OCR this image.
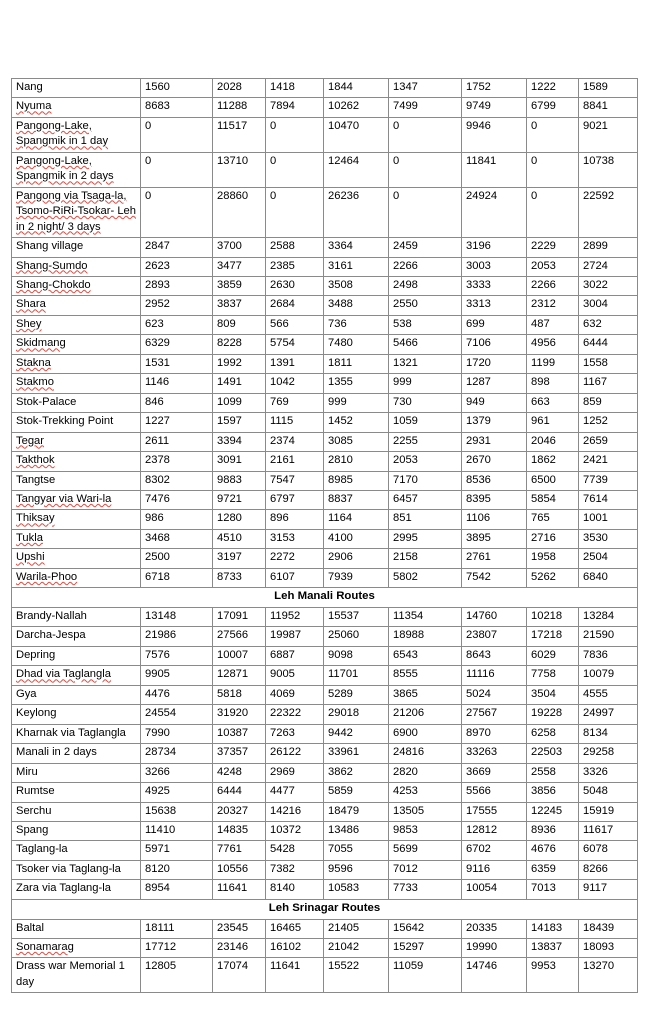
Nang	1560	2028	1418	1844	1347	1752	1222	1589
Nyuma	8683	11288	7894	10262	7499	9749	6799	8841
Pangong-Lake, Spangmik in 1 day	0	11517	0	10470	0	9946	0	9021
Pangong-Lake, Spangmik in 2 days	0	13710	0	12464	0	11841	0	10738
Pangong via Tsaga-la, Tsomo-RiRi-Tsokar- Leh in 2 night/ 3 days	0	28860	0	26236	0	24924	0	22592
Shang village	2847	3700	2588	3364	2459	3196	2229	2899
Shang-Sumdo	2623	3477	2385	3161	2266	3003	2053	2724
Shang-Chokdo	2893	3859	2630	3508	2498	3333	2266	3022
Shara	2952	3837	2684	3488	2550	3313	2312	3004
Shey	623	809	566	736	538	699	487	632
Skidmang	6329	8228	5754	7480	5466	7106	4956	6444
Stakna	1531	1992	1391	1811	1321	1720	1199	1558
Stakmo	1146	1491	1042	1355	999	1287	898	1167
Stok-Palace	846	1099	769	999	730	949	663	859
Stok-Trekking Point	1227	1597	1115	1452	1059	1379	961	1252
Tegar	2611	3394	2374	3085	2255	2931	2046	2659
Takthok	2378	3091	2161	2810	2053	2670	1862	2421
Tangtse	8302	9883	7547	8985	7170	8536	6500	7739
Tangyar via Wari-la	7476	9721	6797	8837	6457	8395	5854	7614
Thiksay	986	1280	896	1164	851	1106	765	1001
Tukla	3468	4510	3153	4100	2995	3895	2716	3530
Upshi	2500	3197	2272	2906	2158	2761	1958	2504
Warila-Phoo	6718	8733	6107	7939	5802	7542	5262	6840
Leh Manali Routes								
Brandy-Nallah	13148	17091	11952	15537	11354	14760	10218	13284
Darcha-Jespa	21986	27566	19987	25060	18988	23807	17218	21590
Depring	7576	10007	6887	9098	6543	8643	6029	7836
Dhad via Taglangla	9905	12871	9005	11701	8555	11116	7758	10079
Gya	4476	5818	4069	5289	3865	5024	3504	4555
Keylong	24554	31920	22322	29018	21206	27567	19228	24997
Kharnak via Taglangla	7990	10387	7263	9442	6900	8970	6258	8134
Manali in 2 days	28734	37357	26122	33961	24816	33263	22503	29258
Miru	3266	4248	2969	3862	2820	3669	2558	3326
Rumtse	4925	6444	4477	5859	4253	5566	3856	5048
Serchu	15638	20327	14216	18479	13505	17555	12245	15919
Spang	11410	14835	10372	13486	9853	12812	8936	11617
Taglang-la	5971	7761	5428	7055	5699	6702	4676	6078
Tsoker via Taglang-la	8120	10556	7382	9596	7012	9116	6359	8266
Zara via Taglang-la	8954	11641	8140	10583	7733	10054	7013	9117
Leh Srinagar Routes								
Baltal	18111	23545	16465	21405	15642	20335	14183	18439
Sonamarag	17712	23146	16102	21042	15297	19990	13837	18093
Drass war Memorial 1 day	12805	17074	11641	15522	11059	14746	9953	13270
